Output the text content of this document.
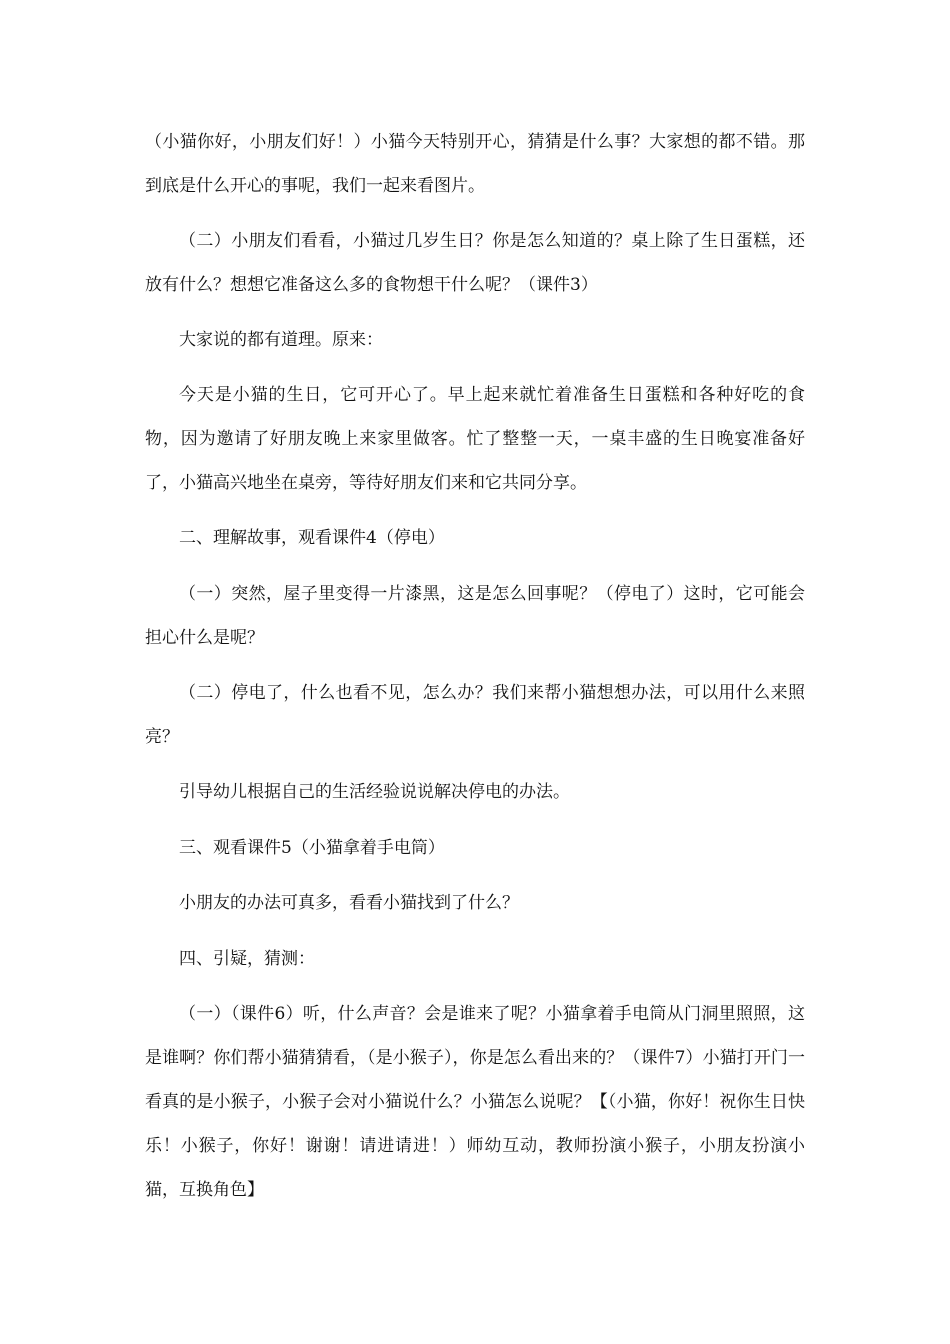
（小猫你好，小朋友们好！）小猫今天特别开心，猜猜是什么事？大家想的都不错。那到底是什么开心的事呢，我们一起来看图片。

（二）小朋友们看看，小猫过几岁生日？你是怎么知道的？桌上除了生日蛋糕，还放有什么？想想它准备这么多的食物想干什么呢？（课件3）

大家说的都有道理。原来：

今天是小猫的生日，它可开心了。早上起来就忙着准备生日蛋糕和各种好吃的食物，因为邀请了好朋友晚上来家里做客。忙了整整一天，一桌丰盛的生日晚宴准备好了，小猫高兴地坐在桌旁，等待好朋友们来和它共同分享。

二、理解故事，观看课件4（停电）

（一）突然，屋子里变得一片漆黑，这是怎么回事呢？（停电了）这时，它可能会担心什么是呢？

（二）停电了，什么也看不见，怎么办？我们来帮小猫想想办法，可以用什么来照亮？

引导幼儿根据自己的生活经验说说解决停电的办法。

三、观看课件5（小猫拿着手电筒）

小朋友的办法可真多，看看小猫找到了什么？

四、引疑，猜测：

（一）（课件6）听，什么声音？会是谁来了呢？小猫拿着手电筒从门洞里照照，这是谁啊？你们帮小猫猜猜看，（是小猴子），你是怎么看出来的？（课件7）小猫打开门一看真的是小猴子，小猴子会对小猫说什么？小猫怎么说呢？【（小猫，你好！祝你生日快乐！小猴子，你好！谢谢！请进请进！）师幼互动，教师扮演小猴子，小朋友扮演小猫，互换角色】
